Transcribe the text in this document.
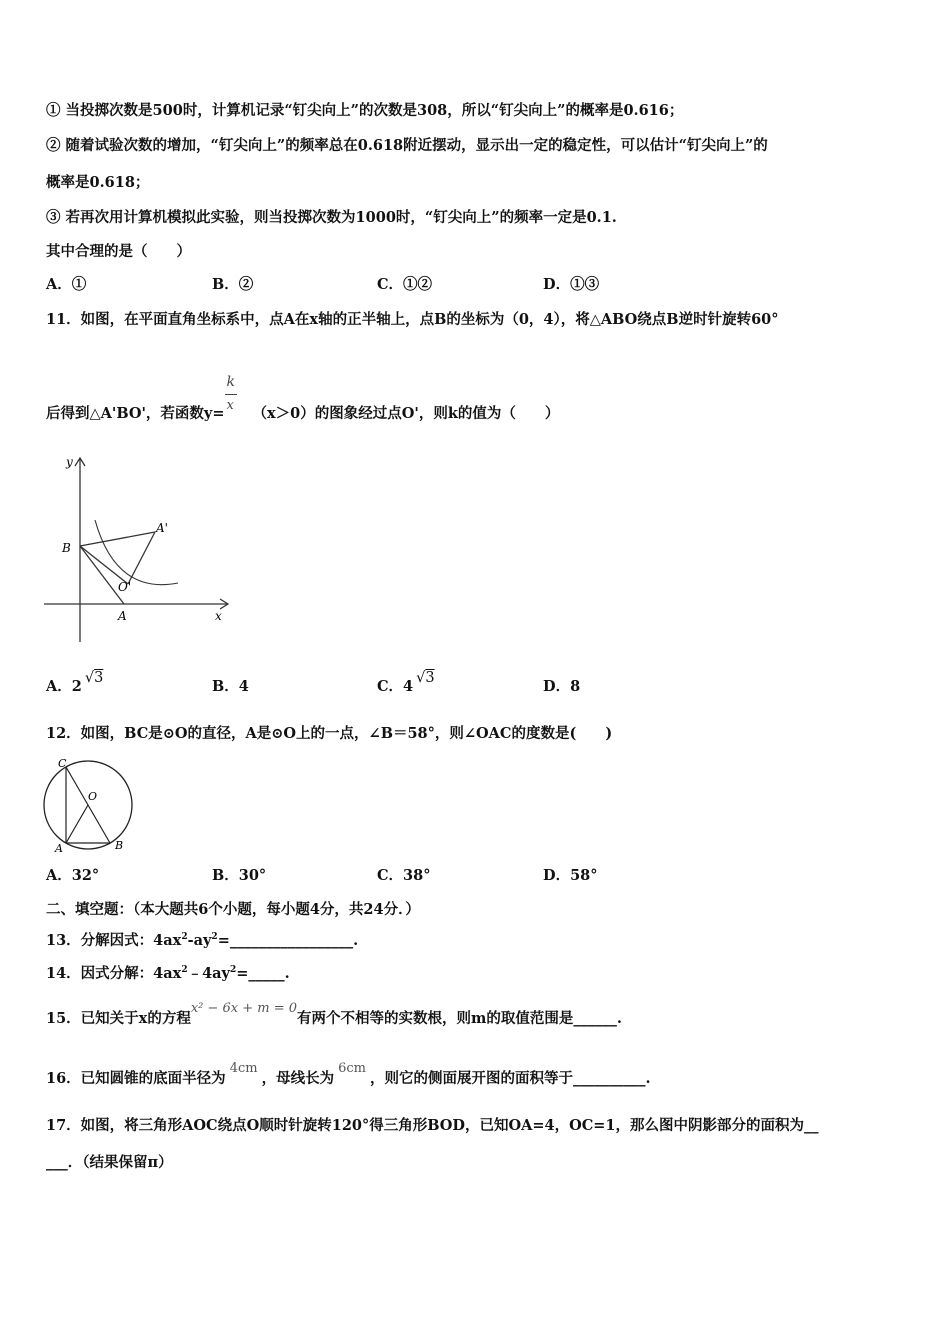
① 当投掷次数是500时，计算机记录“钉尖向上”的次数是308，所以“钉尖向上”的概率是0.616；
② 随着试验次数的增加，“钉尖向上”的频率总在0.618附近摆动，显示出一定的稳定性，可以估计“钉尖向上”的
概率是0.618；
③ 若再次用计算机模拟此实验，则当投掷次数为1000时，“钉尖向上”的频率一定是0.1.
其中合理的是（　　）
A．①	B．②	C．①②	D．①③
11．如图，在平面直角坐标系中，点A在x轴的正半轴上，点B的坐标为（0，4），将△ABO绕点B逆时针旋转60°
后得到△A'BO'，若函数$y= \frac{k}{x} (x>0)$的图象经过点O'，则k的值为（　　）
y
x
B
A
A'
O'
A．2 √3	B．4	C．4 √3	D．8
12．如图，BC是⊙O的直径，A是⊙O上的一点，∠B＝58°，则∠OAC的度数是(　　)
C
O
A	B
A．32°	B．30°	C．38°	D．58°
二、填空题：（本大题共6个小题，每小题4分，共24分．）
13．分解因式：$4ax^2-ay^2=\_\_\_\_\_\_\_\_\_\_\_\_\_\_\_\_\_$.
14．因式分解：$4ax^2﹣4ay^2=\_\_\_\_\_$.
15．已知关于x的方程x² − 6x + m = 0有两个不相等的实数根，则m的取值范围是______.
16．已知圆锥的底面半径为4cm，母线长为6cm，则它的侧面展开图的面积等于__________.
17．如图，将三角形AOC绕点O顺时针旋转120°得三角形BOD，已知OA=4，OC=1，那么图中阴影部分的面积为__
___．（结果保留π）
